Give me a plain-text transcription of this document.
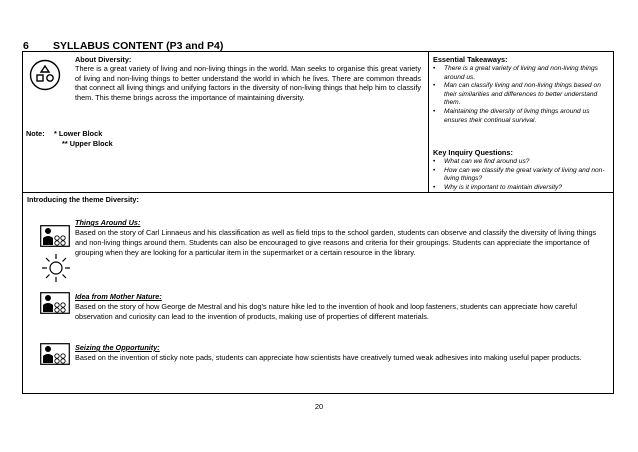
6 SYLLABUS CONTENT (P3 and P4)
About Diversity:
There is a great variety of living and non-living things in the world. Man seeks to organise this great variety of living and non-living things to better understand the world in which he lives. There are common threads that connect all living things and unifying factors in the diversity of non-living things that help him to classify them. This theme brings across the importance of maintaining diversity.
Note: * Lower Block
** Upper Block
Essential Takeaways:
• There is a great variety of living and non-living things around us.
• Man can classify living and non-living things based on their similarities and differences to better understand them.
• Maintaining the diversity of living things around us ensures their continual survival.
Key Inquiry Questions:
• What can we find around us?
• How can we classify the great variety of living and non-living things?
• Why is it important to maintain diversity?
Introducing the theme Diversity:
Things Around Us:
Based on the story of Carl Linnaeus and his classification as well as field trips to the school garden, students can observe and classify the diversity of living things and non-living things around them. Students can also be encouraged to give reasons and criteria for their groupings. Students can appreciate the importance of grouping when they are looking for a particular item in the supermarket or a certain resource in the library.
Idea from Mother Nature:
Based on the story of how George de Mestral and his dog's nature hike led to the invention of hook and loop fasteners, students can appreciate how careful observation and curiosity can lead to the invention of products, making use of properties of different materials.
Seizing the Opportunity:
Based on the invention of sticky note pads, students can appreciate how scientists have creatively turned weak adhesives into making useful paper products.
20
